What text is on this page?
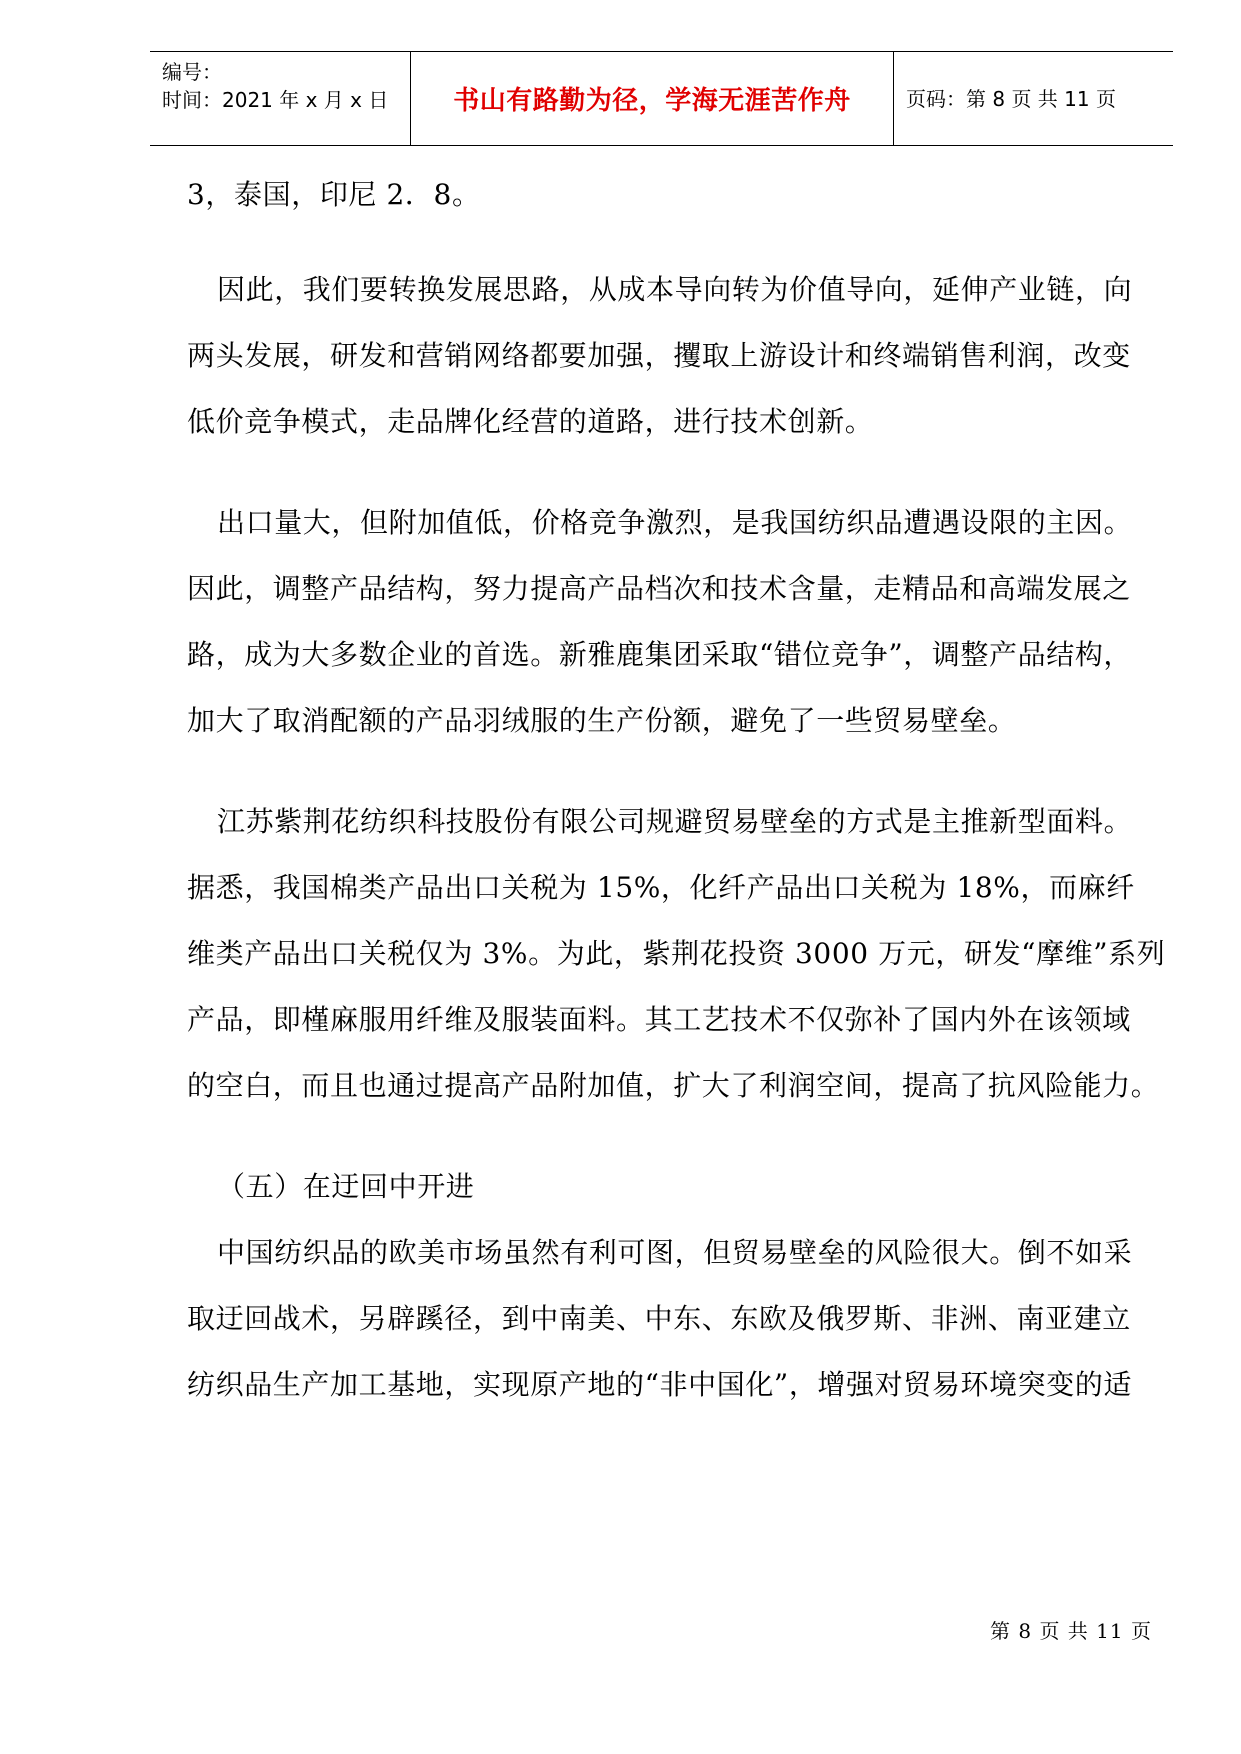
编号：
时间：2021 年 x 月 x 日 书山有路勤为径，学海无涯苦作舟	页码：第 8 页 共 11 页
3，泰国，印尼 2．8。
因此，我们要转换发展思路，从成本导向转为价值导向，延伸产业链，向
两头发展，研发和营销网络都要加强，攫取上游设计和终端销售利润，改变
低价竞争模式，走品牌化经营的道路，进行技术创新。
出口量大，但附加值低，价格竞争激烈，是我国纺织品遭遇设限的主因。
因此，调整产品结构，努力提高产品档次和技术含量，走精品和高端发展之
路，成为大多数企业的首选。新雅鹿集团采取“错位竞争”，调整产品结构，
加大了取消配额的产品羽绒服的生产份额，避免了一些贸易壁垒。
江苏紫荆花纺织科技股份有限公司规避贸易壁垒的方式是主推新型面料。
据悉，我国棉类产品出口关税为 15%，化纤产品出口关税为 18%，而麻纤
维类产品出口关税仅为 3%。为此，紫荆花投资 3000 万元，研发“摩维”系列
产品，即槿麻服用纤维及服装面料。其工艺技术不仅弥补了国内外在该领域
的空白，而且也通过提高产品附加值，扩大了利润空间，提高了抗风险能力。
（五）在迂回中开进
中国纺织品的欧美市场虽然有利可图，但贸易壁垒的风险很大。倒不如采
取迂回战术，另辟蹊径，到中南美、中东、东欧及俄罗斯、非洲、南亚建立
纺织品生产加工基地，实现原产地的“非中国化”，增强对贸易环境突变的适
第 8 页 共 11 页
